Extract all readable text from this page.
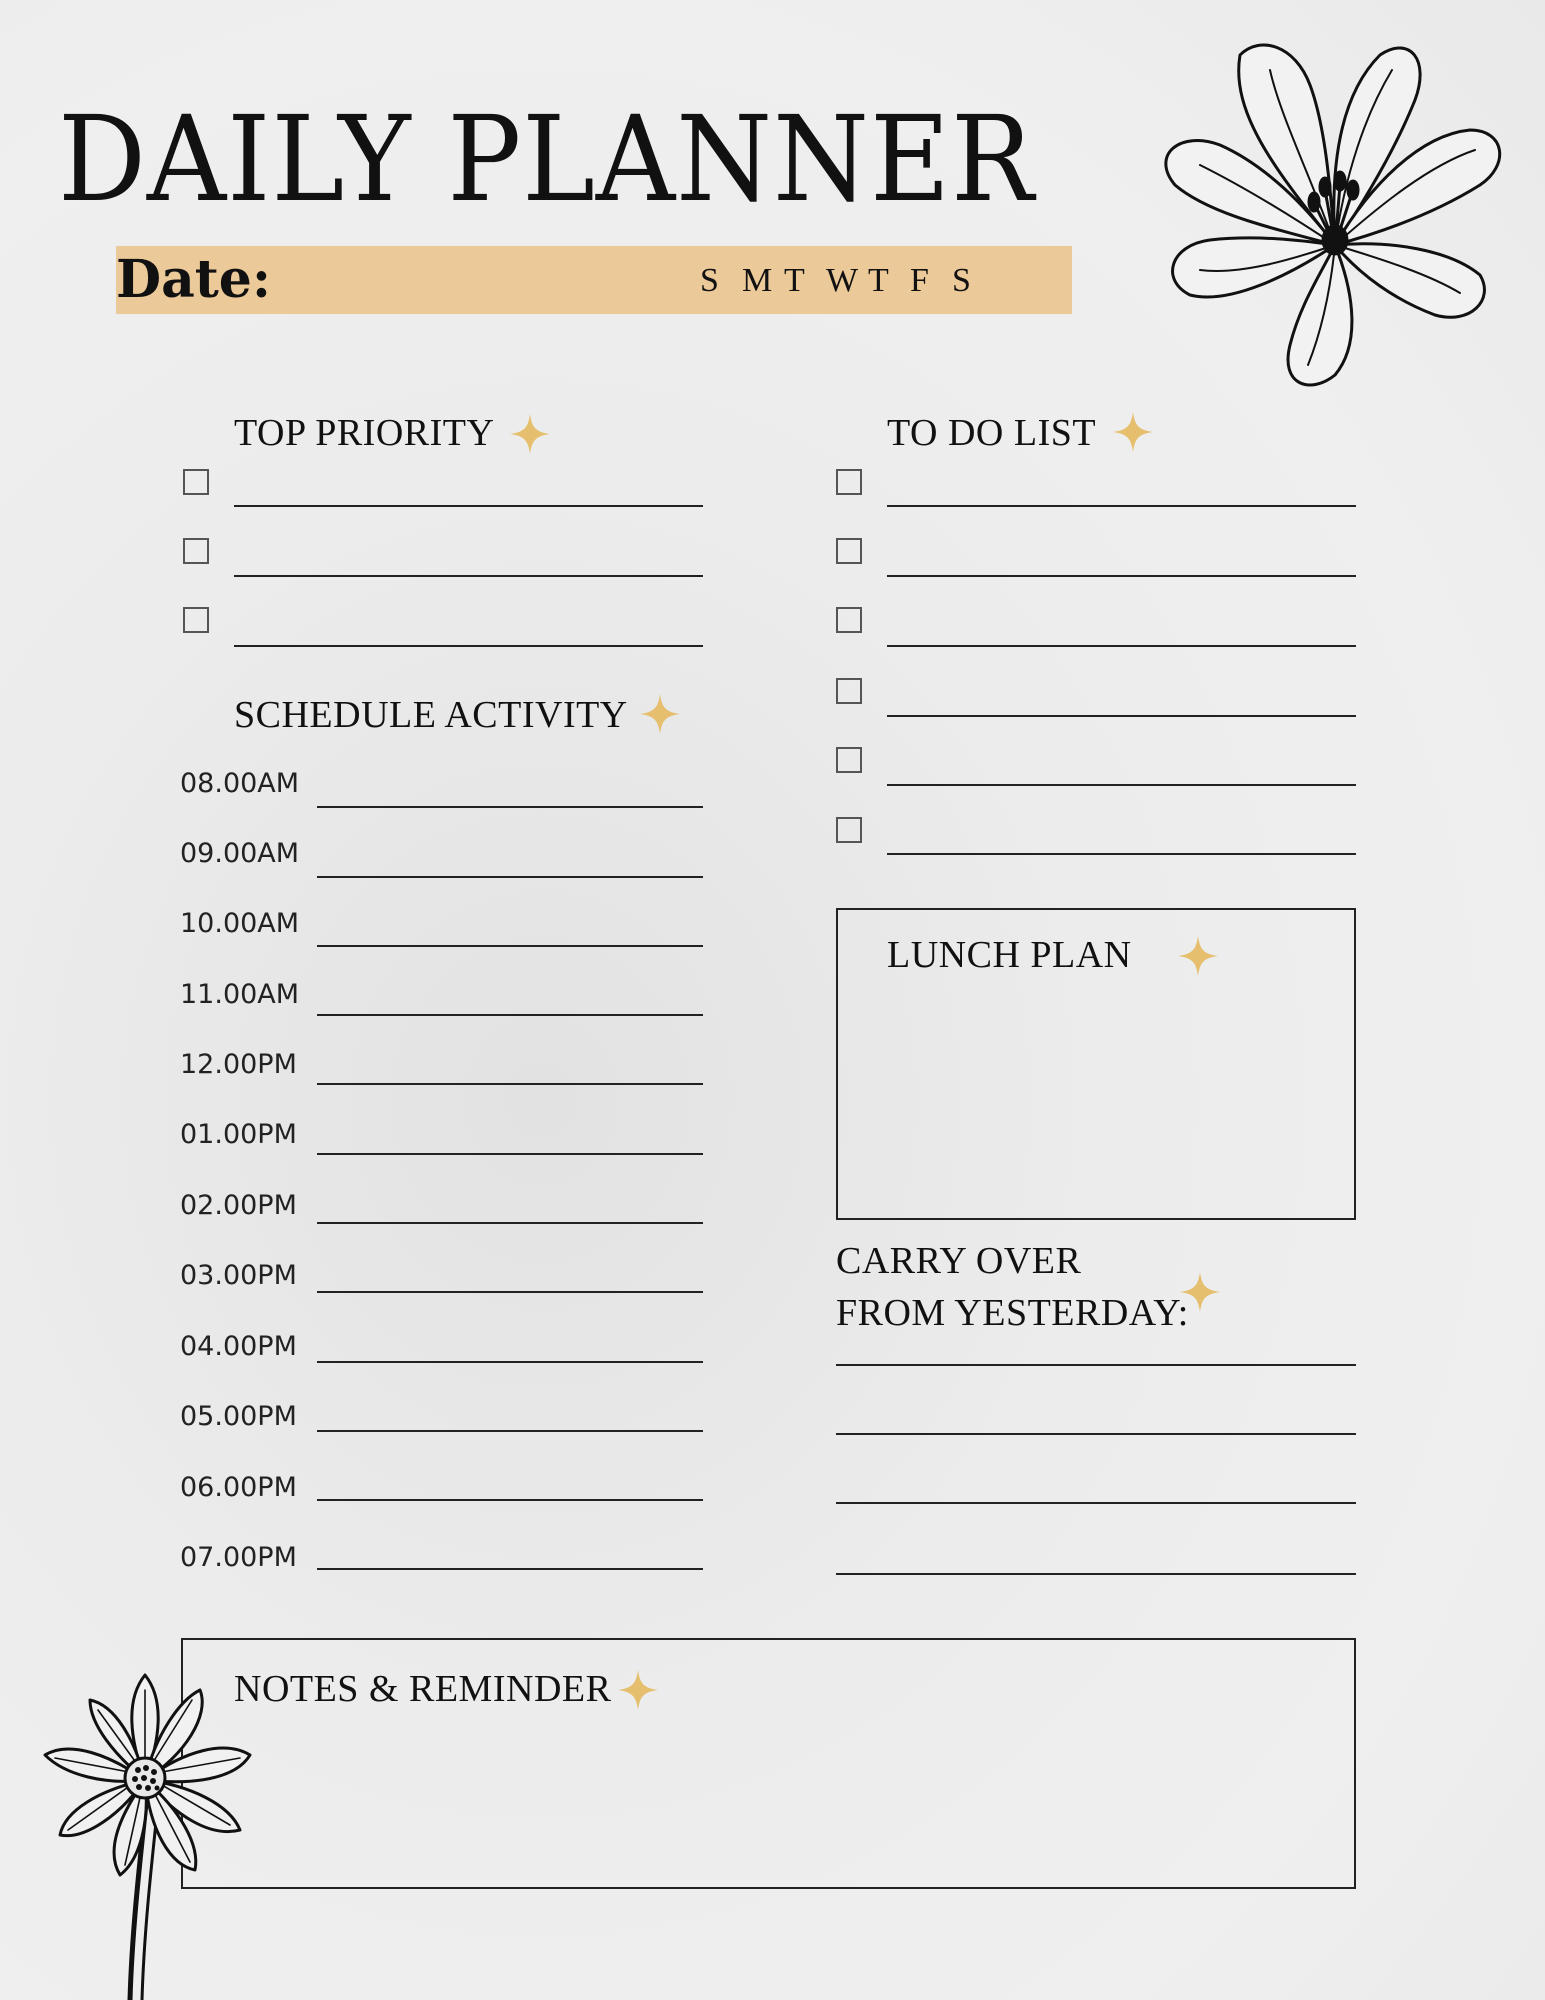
DAILY PLANNER
Date:	S M T W T F S
TOP PRIORITY
SCHEDULE ACTIVITY
08.00AM
09.00AM
10.00AM
11.00AM
12.00PM
01.00PM
02.00PM
03.00PM
04.00PM
05.00PM
06.00PM
07.00PM
TO DO LIST
LUNCH PLAN
CARRY OVER
FROM YESTERDAY:
NOTES & REMINDER
